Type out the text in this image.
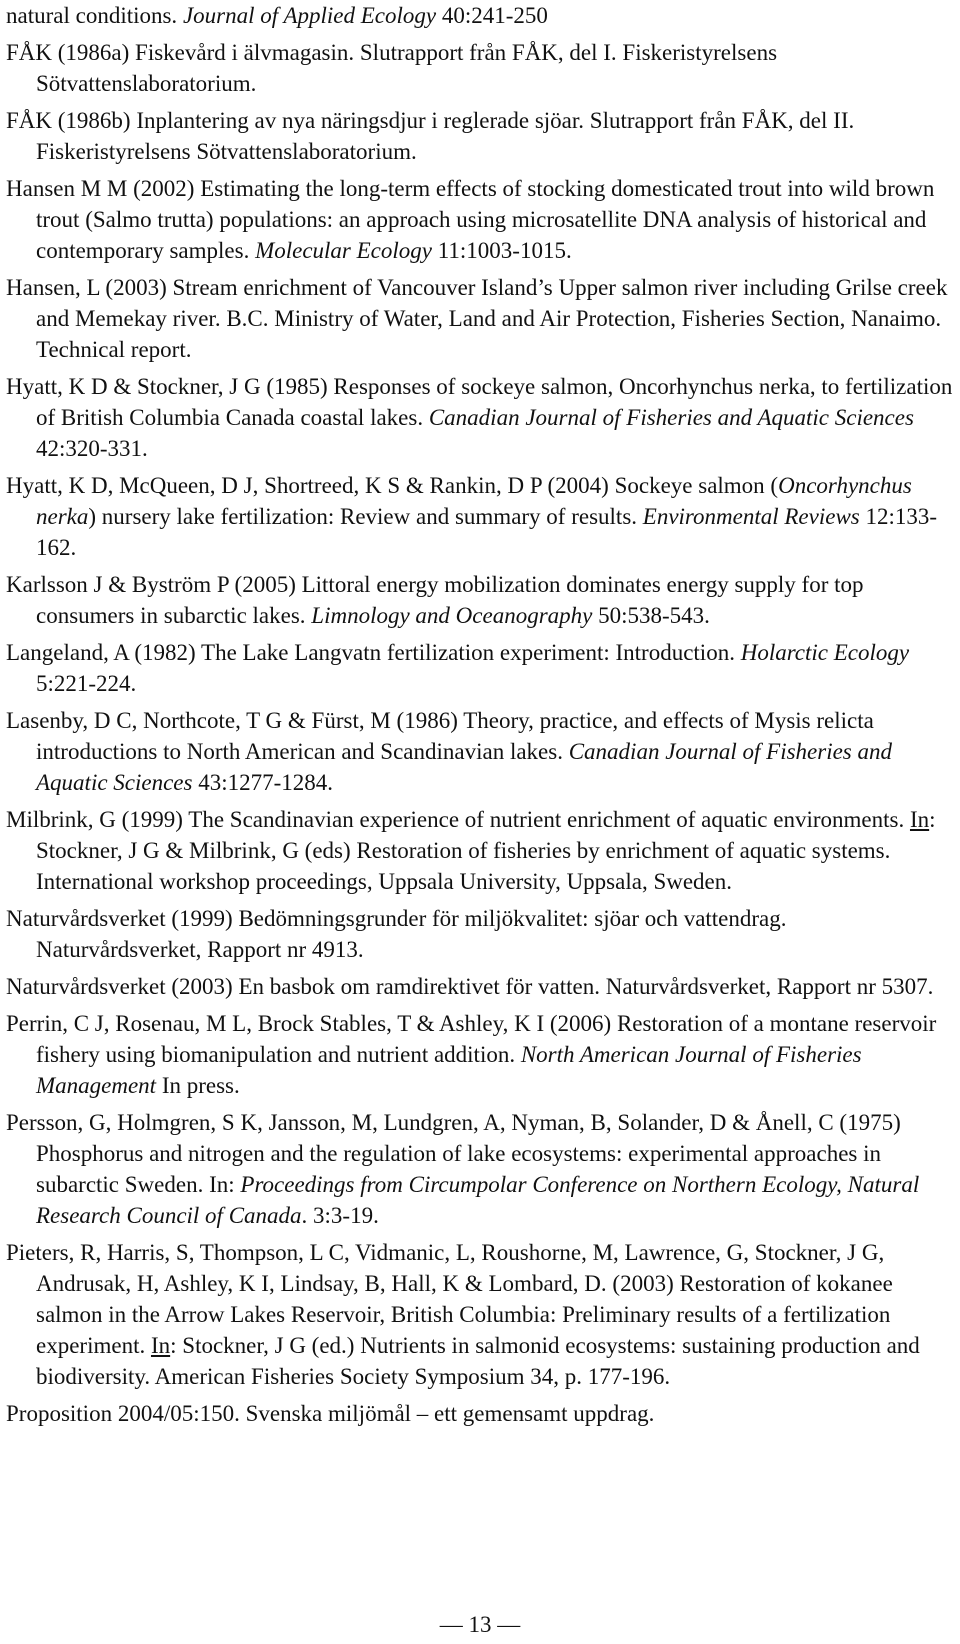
natural conditions. Journal of Applied Ecology 40:241-250

FÅK (1986a) Fiskevård i älvmagasin. Slutrapport från FÅK, del I. Fiskeristyrelsens Sötvattenslaboratorium.

FÅK (1986b) Inplantering av nya näringsdjur i reglerade sjöar. Slutrapport från FÅK, del II. Fiskeristyrelsens Sötvattenslaboratorium.

Hansen M M (2002) Estimating the long-term effects of stocking domesticated trout into wild brown trout (Salmo trutta) populations: an approach using microsatellite DNA analysis of historical and contemporary samples. Molecular Ecology 11:1003-1015.

Hansen, L (2003) Stream enrichment of Vancouver Island’s Upper salmon river including Grilse creek and Memekay river. B.C. Ministry of Water, Land and Air Protection, Fisheries Section, Nanaimo. Technical report.

Hyatt, K D & Stockner, J G (1985) Responses of sockeye salmon, Oncorhynchus nerka, to fertilization of British Columbia Canada coastal lakes. Canadian Journal of Fisheries and Aquatic Sciences 42:320-331.

Hyatt, K D, McQueen, D J, Shortreed, K S & Rankin, D P (2004) Sockeye salmon (Oncorhynchus nerka) nursery lake fertilization: Review and summary of results. Environmental Reviews 12:133-162.

Karlsson J & Byström P (2005) Littoral energy mobilization dominates energy supply for top consumers in subarctic lakes. Limnology and Oceanography 50:538-543.

Langeland, A (1982) The Lake Langvatn fertilization experiment: Introduction. Holarctic Ecology 5:221-224.

Lasenby, D C, Northcote, T G & Fürst, M (1986) Theory, practice, and effects of Mysis relicta introductions to North American and Scandinavian lakes. Canadian Journal of Fisheries and Aquatic Sciences 43:1277-1284.

Milbrink, G (1999) The Scandinavian experience of nutrient enrichment of aquatic environments. In: Stockner, J G & Milbrink, G (eds) Restoration of fisheries by enrichment of aquatic systems. International workshop proceedings, Uppsala University, Uppsala, Sweden.

Naturvårdsverket (1999) Bedömningsgrunder för miljökvalitet: sjöar och vattendrag. Naturvårdsverket, Rapport nr 4913.

Naturvårdsverket (2003) En basbok om ramdirektivet för vatten. Naturvårdsverket, Rapport nr 5307.

Perrin, C J, Rosenau, M L, Brock Stables, T & Ashley, K I (2006) Restoration of a montane reservoir fishery using biomanipulation and nutrient addition. North American Journal of Fisheries Management In press.

Persson, G, Holmgren, S K, Jansson, M, Lundgren, A, Nyman, B, Solander, D & Ånell, C (1975) Phosphorus and nitrogen and the regulation of lake ecosystems: experimental approaches in subarctic Sweden. In: Proceedings from Circumpolar Conference on Northern Ecology, Natural Research Council of Canada. 3:3-19.

Pieters, R, Harris, S, Thompson, L C, Vidmanic, L, Roushorne, M, Lawrence, G, Stockner, J G, Andrusak, H, Ashley, K I, Lindsay, B, Hall, K & Lombard, D. (2003) Restoration of kokanee salmon in the Arrow Lakes Reservoir, British Columbia: Preliminary results of a fertilization experiment. In: Stockner, J G (ed.) Nutrients in salmonid ecosystems: sustaining production and biodiversity. American Fisheries Society Symposium 34, p. 177-196.

Proposition 2004/05:150. Svenska miljömål – ett gemensamt uppdrag.

— 13 —
